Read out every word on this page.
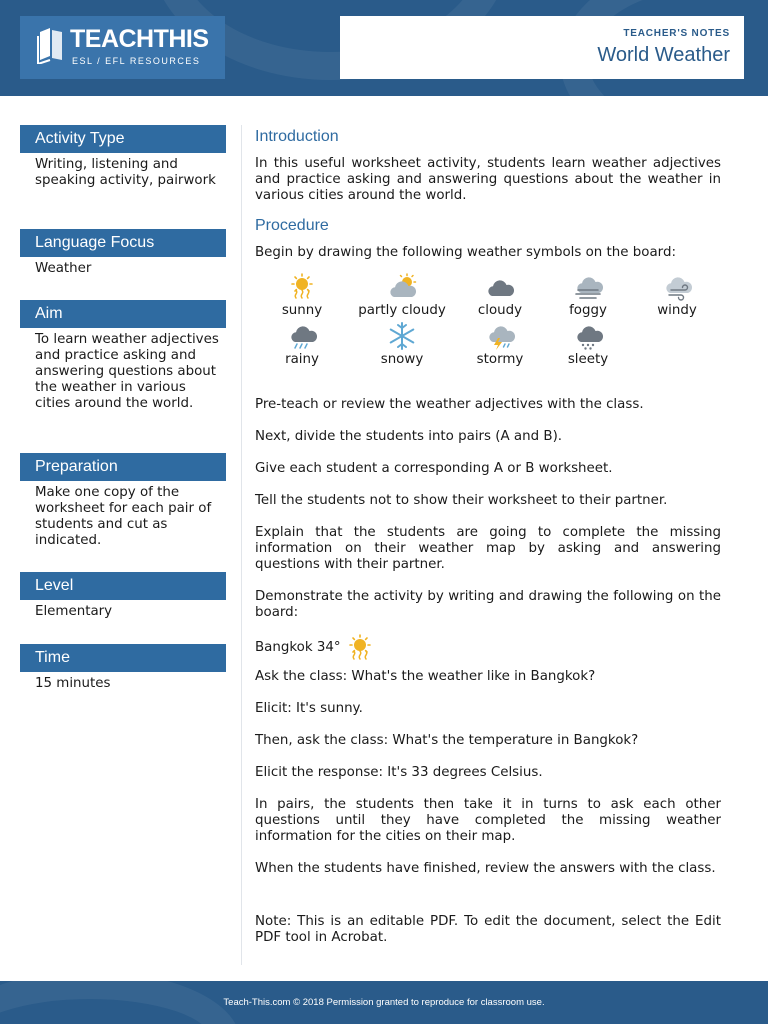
TEACHTHIS
ESL / EFL RESOURCES
TEACHER'S NOTES
World Weather
Activity Type
Writing, listening and speaking activity, pairwork
Language Focus
Weather
Aim
To learn weather adjectives and practice asking and answering questions about the weather in various cities around the world.
Preparation
Make one copy of the worksheet for each pair of students and cut as indicated.
Level
Elementary
Time
15 minutes
Introduction
In this useful worksheet activity, students learn weather adjectives and practice asking and answering questions about the weather in various cities around the world.
Procedure
Begin by drawing the following weather symbols on the board:
sunny	partly cloudy	cloudy	foggy	windy
rainy	snowy	stormy	sleety
Pre-teach or review the weather adjectives with the class.
Next, divide the students into pairs (A and B).
Give each student a corresponding A or B worksheet.
Tell the students not to show their worksheet to their partner.
Explain that the students are going to complete the missing information on their weather map by asking and answering questions with their partner.
Demonstrate the activity by writing and drawing the following on the board:
Bangkok 34°
Ask the class: What's the weather like in Bangkok?
Elicit: It's sunny.
Then, ask the class: What's the temperature in Bangkok?
Elicit the response: It's 33 degrees Celsius.
In pairs, the students then take it in turns to ask each other questions until they have completed the missing weather information for the cities on their map.
When the students have finished, review the answers with the class.
Note: This is an editable PDF. To edit the document, select the Edit PDF tool in Acrobat.
Teach-This.com © 2018 Permission granted to reproduce for classroom use.
